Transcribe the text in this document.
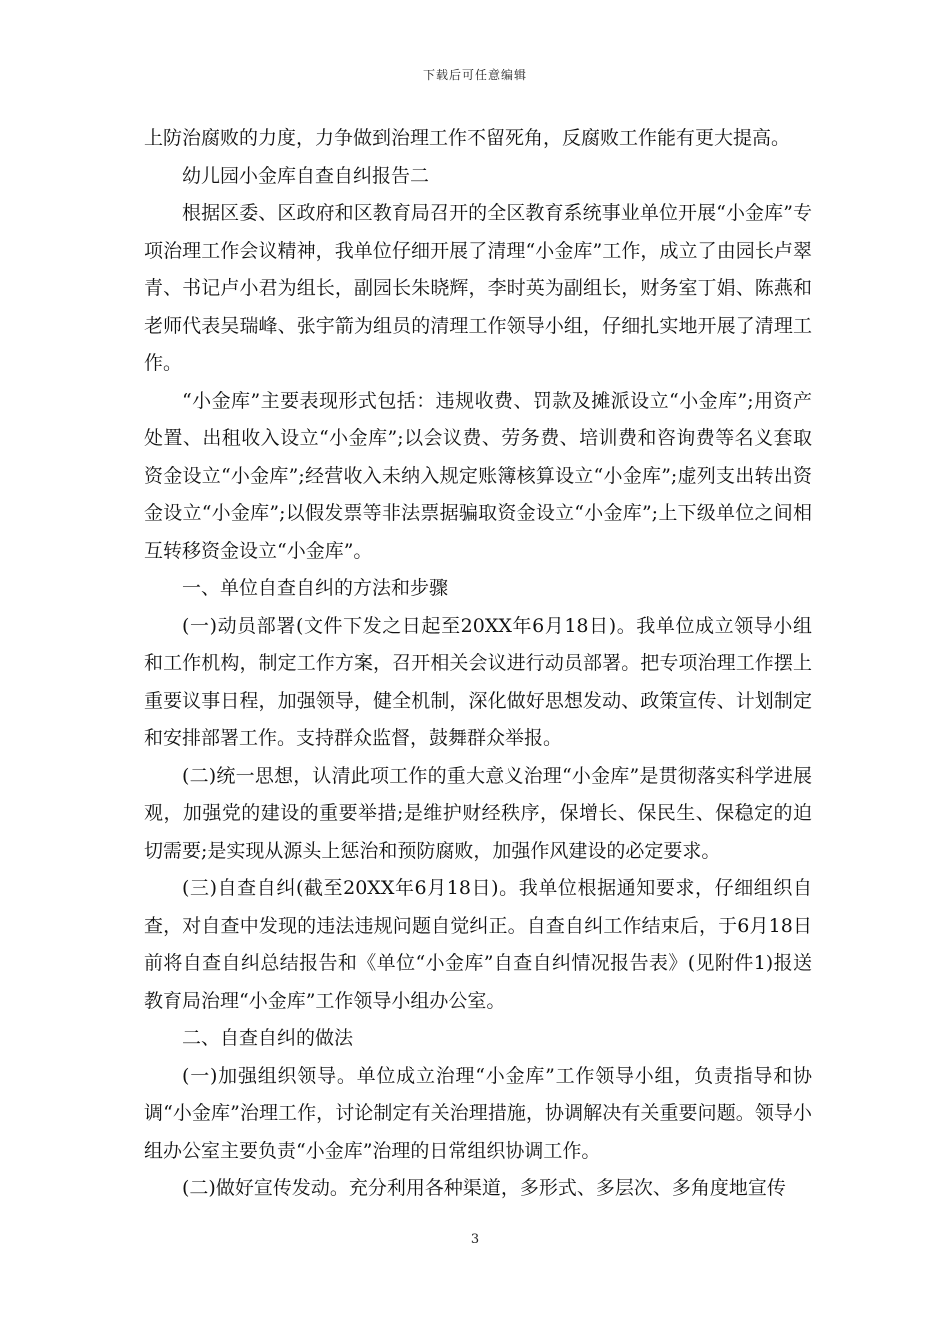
下载后可任意编辑

上防治腐败的力度，力争做到治理工作不留死角，反腐败工作能有更大提高。

幼儿园小金库自查自纠报告二

根据区委、区政府和区教育局召开的全区教育系统事业单位开展“小金库”专项治理工作会议精神，我单位仔细开展了清理“小金库”工作，成立了由园长卢翠青、书记卢小君为组长，副园长朱晓辉，李时英为副组长，财务室丁娟、陈燕和老师代表吴瑞峰、张宇箭为组员的清理工作领导小组，仔细扎实地开展了清理工作。

“小金库”主要表现形式包括：违规收费、罚款及摊派设立“小金库”;用资产处置、出租收入设立“小金库”;以会议费、劳务费、培训费和咨询费等名义套取资金设立“小金库”;经营收入未纳入规定账簿核算设立“小金库”;虚列支出转出资金设立“小金库”;以假发票等非法票据骗取资金设立“小金库”;上下级单位之间相互转移资金设立“小金库”。

一、单位自查自纠的方法和步骤

(一)动员部署(文件下发之日起至20XX年6月18日)。我单位成立领导小组和工作机构，制定工作方案，召开相关会议进行动员部署。把专项治理工作摆上重要议事日程，加强领导，健全机制，深化做好思想发动、政策宣传、计划制定和安排部署工作。支持群众监督，鼓舞群众举报。

(二)统一思想，认清此项工作的重大意义治理“小金库”是贯彻落实科学进展观，加强党的建设的重要举措;是维护财经秩序，保增长、保民生、保稳定的迫切需要;是实现从源头上惩治和预防腐败，加强作风建设的必定要求。

(三)自查自纠(截至20XX年6月18日)。我单位根据通知要求，仔细组织自查，对自查中发现的违法违规问题自觉纠正。自查自纠工作结束后，于6月18日前将自查自纠总结报告和《单位“小金库”自查自纠情况报告表》(见附件1)报送教育局治理“小金库”工作领导小组办公室。

二、自查自纠的做法

(一)加强组织领导。单位成立治理“小金库”工作领导小组，负责指导和协调“小金库”治理工作，讨论制定有关治理措施，协调解决有关重要问题。领导小组办公室主要负责“小金库”治理的日常组织协调工作。

(二)做好宣传发动。充分利用各种渠道，多形式、多层次、多角度地宣传

3
